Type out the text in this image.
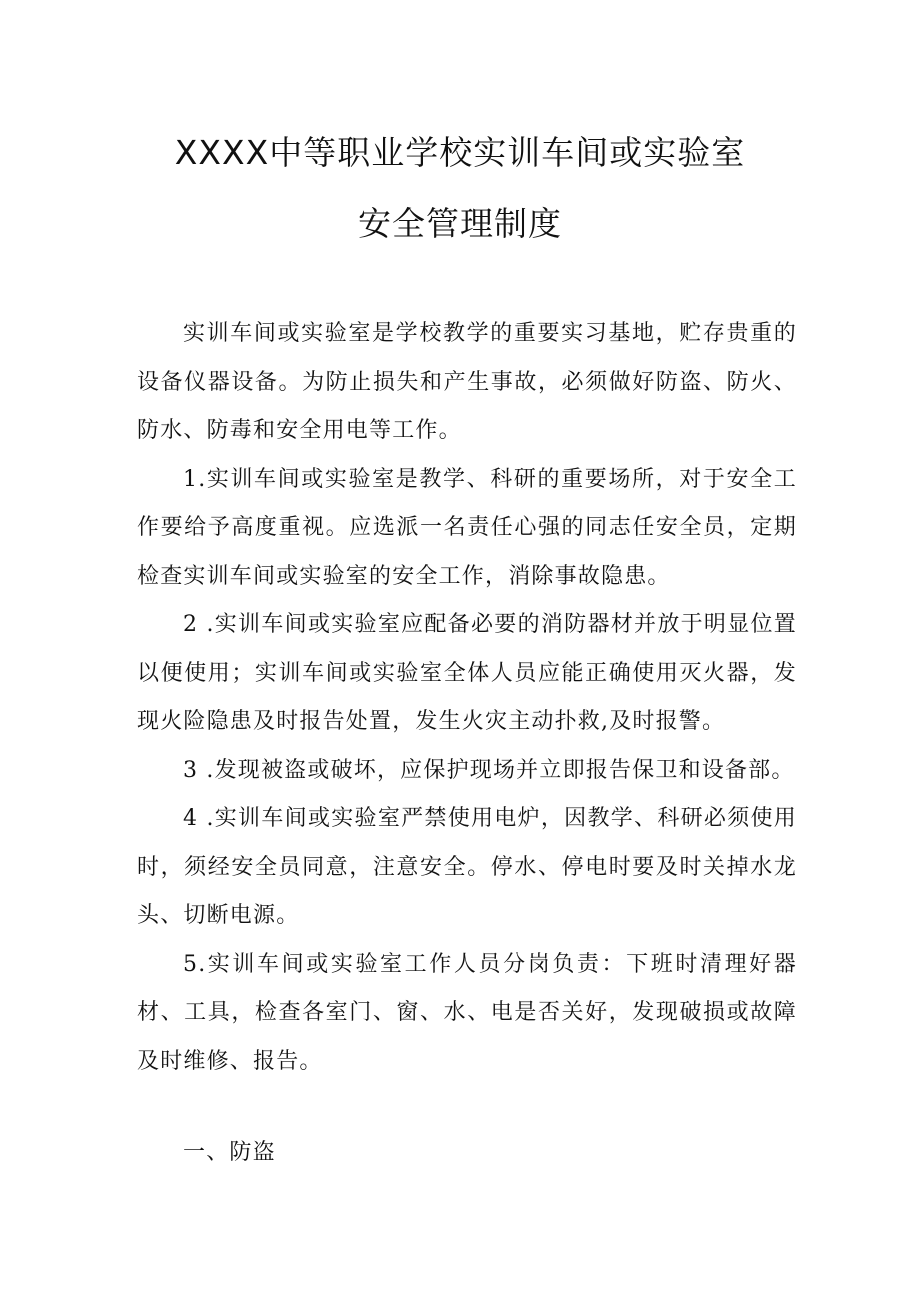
XXXX中等职业学校实训车间或实验室
安全管理制度

实训车间或实验室是学校教学的重要实习基地，贮存贵重的设备仪器设备。为防止损失和产生事故，必须做好防盗、防火、防水、防毒和安全用电等工作。

1.实训车间或实验室是教学、科研的重要场所，对于安全工作要给予高度重视。应选派一名责任心强的同志任安全员，定期检查实训车间或实验室的安全工作，消除事故隐患。

2 .实训车间或实验室应配备必要的消防器材并放于明显位置以便使用；实训车间或实验室全体人员应能正确使用灭火器，发现火险隐患及时报告处置，发生火灾主动扑救,及时报警。

3 .发现被盗或破坏，应保护现场并立即报告保卫和设备部。

4 .实训车间或实验室严禁使用电炉，因教学、科研必须使用时，须经安全员同意，注意安全。停水、停电时要及时关掉水龙头、切断电源。

5.实训车间或实验室工作人员分岗负责：下班时清理好器材、工具，检查各室门、窗、水、电是否关好，发现破损或故障及时维修、报告。

一、防盗
